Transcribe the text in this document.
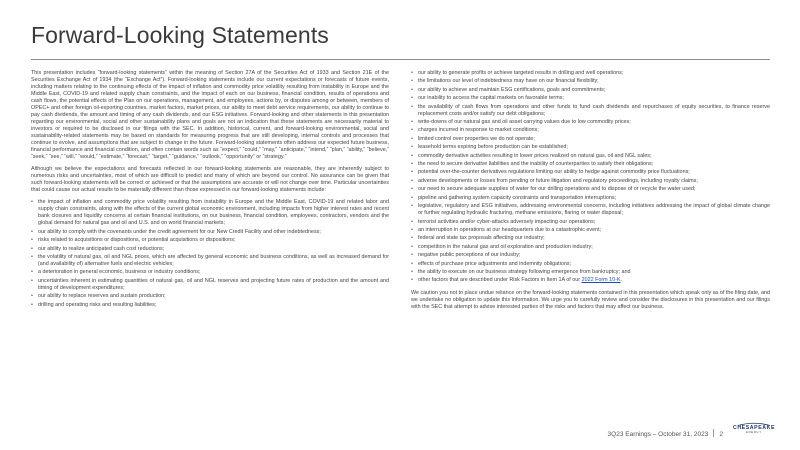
Forward-Looking Statements

This presentation includes “forward-looking statements” within the meaning of Section 27A of the Securities Act of 1933 and Section 21E of the Securities Exchange Act of 1934 (the “Exchange Act”). Forward-looking statements include our current expectations or forecasts of future events, including matters relating to the continuing effects of the impact of inflation and commodity price volatility resulting from instability in Europe and the Middle East, COVID-19 and related supply chain constraints, and the impact of each on our business, financial condition, results of operations and cash flows, the potential effects of the Plan on our operations, management, and employees, actions by, or disputes among or between, members of OPEC+ and other foreign oil-exporting countries, market factors, market prices, our ability to meet debt service requirements, our ability to continue to pay cash dividends, the amount and timing of any cash dividends, and our ESG initiatives. Forward-looking and other statements in this presentation regarding our environmental, social and other sustainability plans and goals are not an indication that these statements are necessarily material to investors or required to be disclosed in our filings with the SEC. In addition, historical, current, and forward-looking environmental, social and sustainability-related statements may be based on standards for measuring progress that are still developing, internal controls and processes that continue to evolve, and assumptions that are subject to change in the future. Forward-looking statements often address our expected future business, financial performance and financial condition, and often contain words such as “expect,” “could,” “may,” “anticipate,” “intend,” “plan,” “ability,” “believe,” “seek,” “see,” “will,” “would,” “estimate,” “forecast,” “target,” “guidance,” “outlook,” “opportunity” or “strategy.”

Although we believe the expectations and forecasts reflected in our forward-looking statements are reasonable, they are inherently subject to numerous risks and uncertainties, most of which are difficult to predict and many of which are beyond our control. No assurance can be given that such forward-looking statements will be correct or achieved or that the assumptions are accurate or will not change over time. Particular uncertainties that could cause our actual results to be materially different than those expressed in our forward-looking statements include:

• the impact of inflation and commodity price volatility resulting from instability in Europe and the Middle East, COVID-19 and related labor and supply chain constraints, along with the effects of the current global economic environment, including impacts from higher interest rates and recent bank closures and liquidity concerns at certain financial institutions, on our business, financial condition, employees, contractors, vendors and the global demand for natural gas and oil and U.S. and on world financial markets;
• our ability to comply with the covenants under the credit agreement for our New Credit Facility and other indebtedness;
• risks related to acquisitions or dispositions, or potential acquisitions or dispositions;
• our ability to realize anticipated cash cost reductions;
• the volatility of natural gas, oil and NGL prices, which are affected by general economic and business conditions, as well as increased demand for (and availability of) alternative fuels and electric vehicles;
• a deterioration in general economic, business or industry conditions;
• uncertainties inherent in estimating quantities of natural gas, oil and NGL reserves and projecting future rates of production and the amount and timing of development expenditures;
• our ability to replace reserves and sustain production;
• drilling and operating risks and resulting liabilities;
• our ability to generate profits or achieve targeted results in drilling and well operations;
• the limitations our level of indebtedness may have on our financial flexibility;
• our ability to achieve and maintain ESG certifications, goals and commitments;
• our inability to access the capital markets on favorable terms;
• the availability of cash flows from operations and other funds to fund cash dividends and repurchases of equity securities, to finance reserve replacement costs and/or satisfy our debt obligations;
• write-downs of our natural gas and oil asset carrying values due to low commodity prices;
• charges incurred in response to market conditions;
• limited control over properties we do not operate;
• leasehold terms expiring before production can be established;
• commodity derivative activities resulting in lower prices realized on natural gas, oil and NGL sales;
• the need to secure derivative liabilities and the inability of counterparties to satisfy their obligations;
• potential over-the-counter derivatives regulations limiting our ability to hedge against commodity price fluctuations;
• adverse developments or losses from pending or future litigation and regulatory proceedings, including royalty claims;
• our need to secure adequate supplies of water for our drilling operations and to dispose of or recycle the water used;
• pipeline and gathering system capacity constraints and transportation interruptions;
• legislative, regulatory and ESG initiatives, addressing environmental concerns, including initiatives addressing the impact of global climate change or further regulating hydraulic fracturing, methane emissions, flaring or water disposal;
• terrorist activities and/or cyber-attacks adversely impacting our operations;
• an interruption in operations at our headquarters due to a catastrophic event;
• federal and state tax proposals affecting our industry;
• competition in the natural gas and oil exploration and production industry;
• negative public perceptions of our industry;
• effects of purchase price adjustments and indemnity obligations;
• the ability to execute on our business strategy following emergence from bankruptcy; and
• other factors that are described under Risk Factors in Item 1A of our 2022 Form 10-K.

We caution you not to place undue reliance on the forward-looking statements contained in this presentation which speak only as of the filing date, and we undertake no obligation to update this information. We urge you to carefully review and consider the disclosures in this presentation and our filings with the SEC that attempt to advise interested parties of the risks and factors that may affect our business.

3Q23 Earnings – October 31, 2023 2
CHESAPEAKE
ENERGY
